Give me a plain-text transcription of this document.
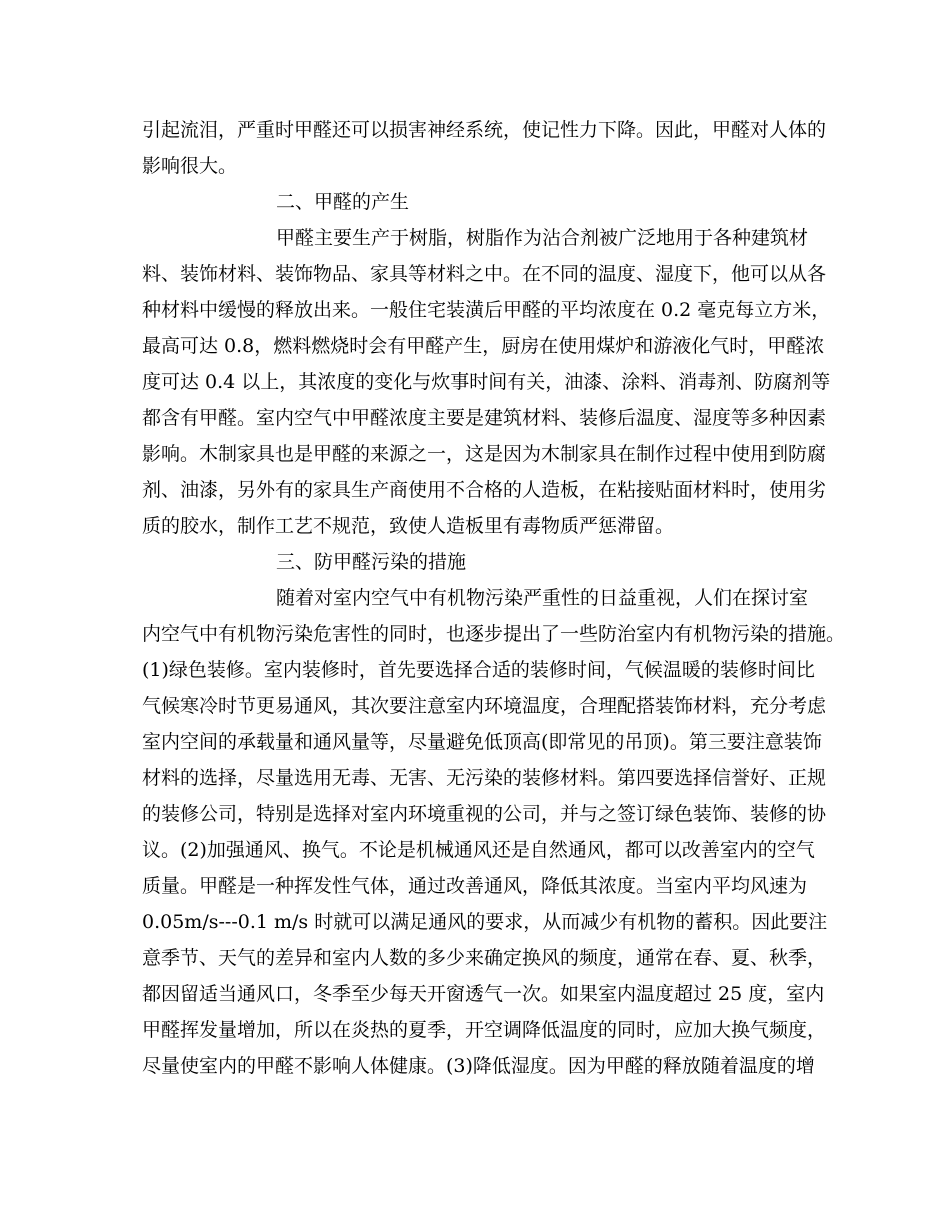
引起流泪，严重时甲醛还可以损害神经系统，使记性力下降。因此，甲醛对人体的
影响很大。
二、甲醛的产生
甲醛主要生产于树脂，树脂作为沾合剂被广泛地用于各种建筑材
料、装饰材料、装饰物品、家具等材料之中。在不同的温度、湿度下，他可以从各
种材料中缓慢的释放出来。一般住宅装潢后甲醛的平均浓度在 0.2 毫克每立方米，
最高可达 0.8，燃料燃烧时会有甲醛产生，厨房在使用煤炉和游液化气时，甲醛浓
度可达 0.4 以上，其浓度的变化与炊事时间有关，油漆、涂料、消毒剂、防腐剂等
都含有甲醛。室内空气中甲醛浓度主要是建筑材料、装修后温度、湿度等多种因素
影响。木制家具也是甲醛的来源之一，这是因为木制家具在制作过程中使用到防腐
剂、油漆，另外有的家具生产商使用不合格的人造板，在粘接贴面材料时，使用劣
质的胶水，制作工艺不规范，致使人造板里有毒物质严惩滞留。
三、防甲醛污染的措施
随着对室内空气中有机物污染严重性的日益重视，人们在探讨室
内空气中有机物污染危害性的同时，也逐步提出了一些防治室内有机物污染的措施。
(1)绿色装修。室内装修时，首先要选择合适的装修时间，气候温暖的装修时间比
气候寒冷时节更易通风，其次要注意室内环境温度，合理配搭装饰材料，充分考虑
室内空间的承载量和通风量等，尽量避免低顶高(即常见的吊顶)。第三要注意装饰
材料的选择，尽量选用无毒、无害、无污染的装修材料。第四要选择信誉好、正规
的装修公司，特别是选择对室内环境重视的公司，并与之签订绿色装饰、装修的协
议。(2)加强通风、换气。不论是机械通风还是自然通风，都可以改善室内的空气
质量。甲醛是一种挥发性气体，通过改善通风，降低其浓度。当室内平均风速为
0.05m/s---0.1 m/s 时就可以满足通风的要求，从而减少有机物的蓄积。因此要注
意季节、天气的差异和室内人数的多少来确定换风的频度，通常在春、夏、秋季，
都因留适当通风口，冬季至少每天开窗透气一次。如果室内温度超过 25 度，室内
甲醛挥发量增加，所以在炎热的夏季，开空调降低温度的同时，应加大换气频度，
尽量使室内的甲醛不影响人体健康。(3)降低湿度。因为甲醛的释放随着温度的增
